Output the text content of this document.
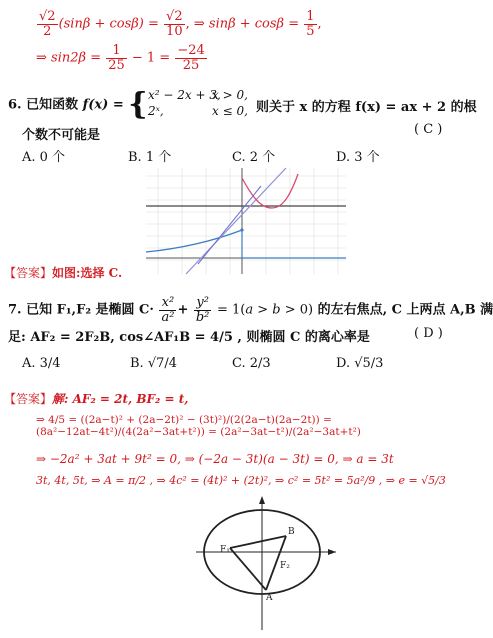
$\frac{√2}{2} (\sin\beta + \cos\beta) = \frac{√2}{10}$ , ⇒ $\sin\beta + \cos\beta = \frac{1}{5}$ ,
⇒ $\sin 2\beta = \frac{1}{25} - 1 = \frac{-24}{25}$
6. 已知函数 f(x) = { x² − 2x + 3,
x > 0,
2ˣ,	x ≤ 0, 则关于 x 的方程 f(x) = ax + 2 的根
个数不可能是	( C )
A. 0 个	B. 1 个	C. 2 个	D. 3 个
【答案】如图:选择 C.
7. 已知 F₁,F₂ 是椭圆 $C\cdot \frac{\text{x²}}{\text{a²}} + \frac{\text{y²}}{\text{b²}} = 1(a > b > 0)$ 的左右焦点, C 上两点 A,B 满
足: AF₂ = 2F₂B, cos∠AF₁B = 4/5 , 则椭圆 C 的离心率是	( D )
A. 3/4	B. √7/4	C. 2/3	D. √5/3
【答案】解: AF₂ = 2t, BF₂ = t,
⇒ 4/5 = ((2a−t)² + (2a−2t)² − (3t)²)/(2(2a−t)(2a−2t)) = (8a²−12at−4t²)/(4(2a²−3at+t²)) = (2a²−3at−t²)/(2a²−3at+t²)
⇒ −2a² + 3at + 9t² = 0, ⇒ (−2a − 3t)(a − 3t) = 0, ⇒ a = 3t
3t, 4t, 5t, ⇒ A = π/2 , ⇒ 4c² = (4t)² + (2t)², ⇒ c² = 5t² = 5a²/9 , ⇒ e = √5/3
F₁
F₂
A
B
